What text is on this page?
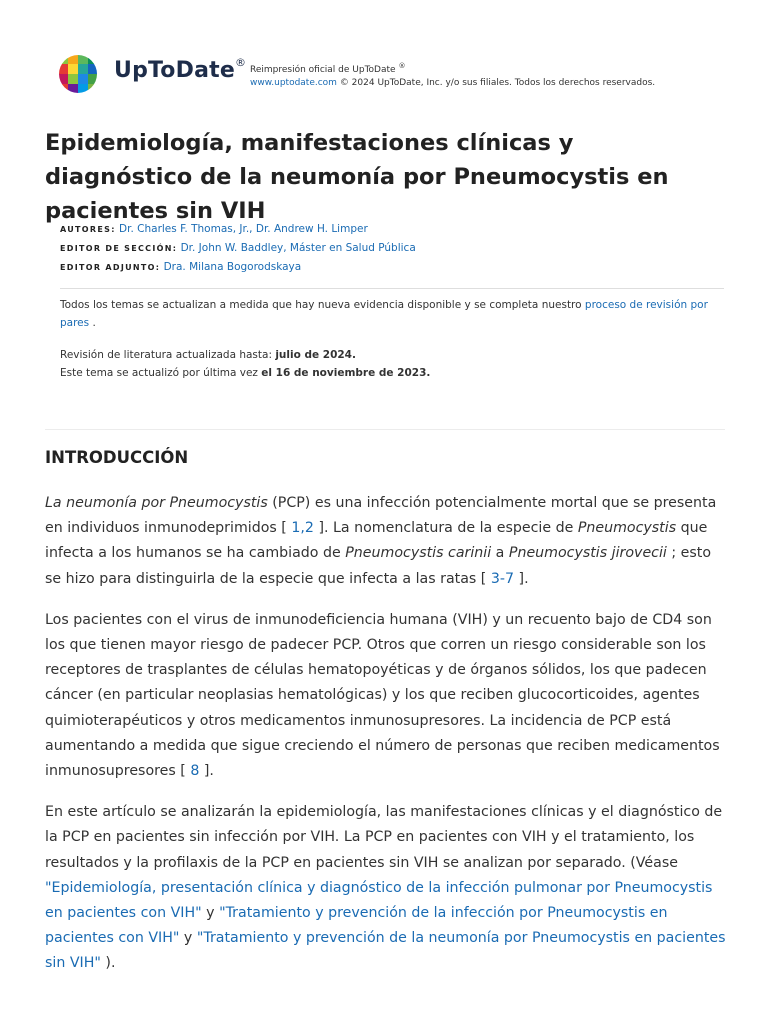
UpToDate®
Reimpresión oficial de UpToDate ®
www.uptodate.com © 2024 UpToDate, Inc. y/o sus filiales. Todos los derechos reservados.
Epidemiología, manifestaciones clínicas y diagnóstico de la neumonía por Pneumocystis en pacientes sin VIH
AUTORES: Dr. Charles F. Thomas, Jr., Dr. Andrew H. Limper
EDITOR DE SECCIÓN: Dr. John W. Baddley, Máster en Salud Pública
EDITOR ADJUNTO: Dra. Milana Bogorodskaya
Todos los temas se actualizan a medida que hay nueva evidencia disponible y se completa nuestro proceso de revisión por pares .
Revisión de literatura actualizada hasta: julio de 2024.
Este tema se actualizó por última vez el 16 de noviembre de 2023.
INTRODUCCIÓN

La neumonía por Pneumocystis (PCP) es una infección potencialmente mortal que se presenta en individuos inmunodeprimidos [ 1,2 ]. La nomenclatura de la especie de Pneumocystis que infecta a los humanos se ha cambiado de Pneumocystis carinii a Pneumocystis jirovecii ; esto se hizo para distinguirla de la especie que infecta a las ratas [ 3-7 ].

Los pacientes con el virus de inmunodeficiencia humana (VIH) y un recuento bajo de CD4 son los que tienen mayor riesgo de padecer PCP. Otros que corren un riesgo considerable son los receptores de trasplantes de células hematopoyéticas y de órganos sólidos, los que padecen cáncer (en particular neoplasias hematológicas) y los que reciben glucocorticoides, agentes quimioterapéuticos y otros medicamentos inmunosupresores. La incidencia de PCP está aumentando a medida que sigue creciendo el número de personas que reciben medicamentos inmunosupresores [ 8 ].

En este artículo se analizarán la epidemiología, las manifestaciones clínicas y el diagnóstico de la PCP en pacientes sin infección por VIH. La PCP en pacientes con VIH y el tratamiento, los resultados y la profilaxis de la PCP en pacientes sin VIH se analizan por separado. (Véase "Epidemiología, presentación clínica y diagnóstico de la infección pulmonar por Pneumocystis en pacientes con VIH" y "Tratamiento y prevención de la infección por Pneumocystis en pacientes con VIH" y "Tratamiento y prevención de la neumonía por Pneumocystis en pacientes sin VIH" ).
